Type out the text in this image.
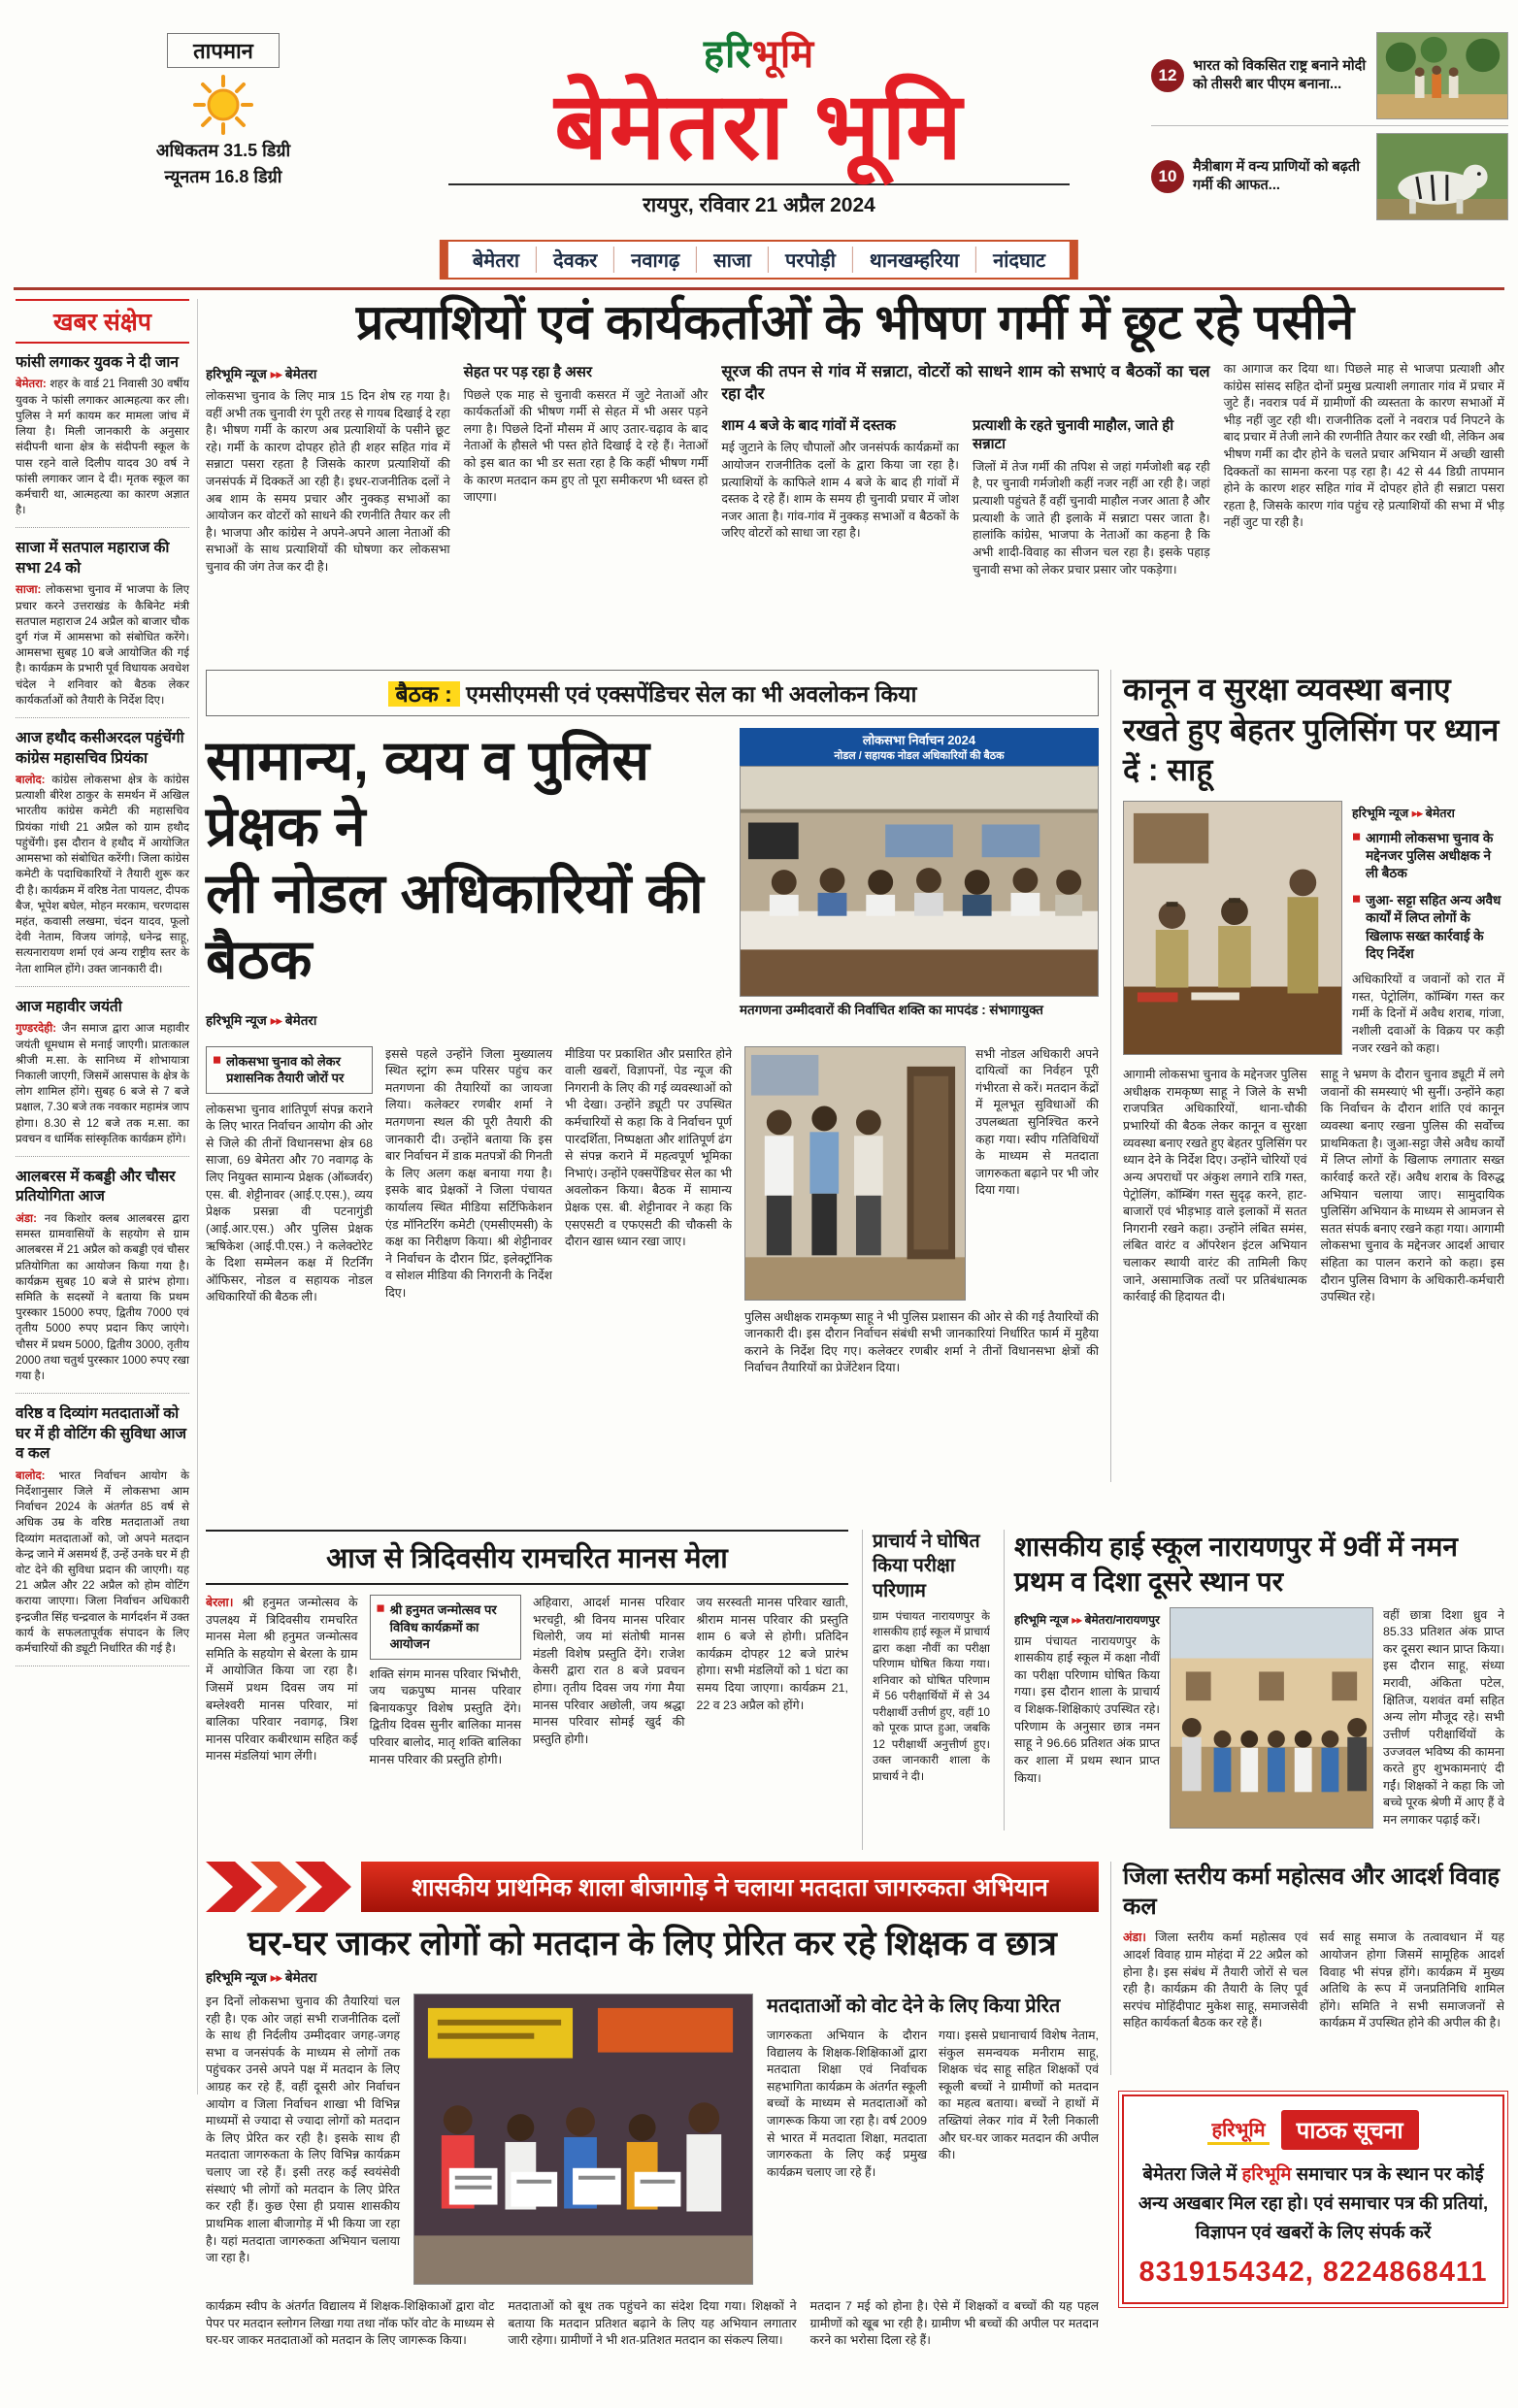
तापमान
अधिकतम 31.5 डिग्री
न्यूनतम 16.8 डिग्री
हरिभूमि
बेमेतरा भूमि
रायपुर, रविवार 21 अप्रैल 2024
12	भारत को विकसित राष्ट्र बनाने मोदी को तीसरी बार पीएम बनाना...
10	मैत्रीबाग में वन्य प्राणियों को बढ़ती गर्मी की आफत...
बेमेतरा	देवकर	नवागढ़	साजा	परपोड़ी	थानखम्हरिया	नांदघाट
खबर संक्षेप
फांसी लगाकर युवक ने दी जान

बेमेतरा: शहर के वार्ड 21 निवासी 30 वर्षीय युवक ने फांसी लगाकर आत्महत्या कर ली। पुलिस ने मर्ग कायम कर मामला जांच में लिया है। मिली जानकारी के अनुसार संदीपनी थाना क्षेत्र के संदीपनी स्कूल के पास रहने वाले दिलीप यादव 30 वर्ष ने फांसी लगाकर जान दे दी। मृतक स्कूल का कर्मचारी था, आत्महत्या का कारण अज्ञात है।

साजा में सतपाल महाराज की सभा 24 को

साजा: लोकसभा चुनाव में भाजपा के लिए प्रचार करने उत्तराखंड के कैबिनेट मंत्री सतपाल महाराज 24 अप्रैल को बाजार चौक दुर्ग गंज में आमसभा को संबोधित करेंगे। आमसभा सुबह 10 बजे आयोजित की गई है। कार्यक्रम के प्रभारी पूर्व विधायक अवधेश चंदेल ने शनिवार को बैठक लेकर कार्यकर्ताओं को तैयारी के निर्देश दिए।

आज हथौद कसीअरदल पहुंचेंगी कांग्रेस महासचिव प्रियंका

बालोद: कांग्रेस लोकसभा क्षेत्र के कांग्रेस प्रत्याशी बीरेश ठाकुर के समर्थन में अखिल भारतीय कांग्रेस कमेटी की महासचिव प्रियंका गांधी 21 अप्रैल को ग्राम हथौद पहुंचेंगी। इस दौरान वे हथौद में आयोजित आमसभा को संबोधित करेंगी। जिला कांग्रेस कमेटी के पदाधिकारियों ने तैयारी शुरू कर दी है। कार्यक्रम में वरिष्ठ नेता पायलट, दीपक बैज, भूपेश बघेल, मोहन मरकाम, चरणदास महंत, कवासी लखमा, चंदन यादव, फूलो देवी नेताम, विजय जांगड़े, धनेन्द्र साहू, सत्यनारायण शर्मा एवं अन्य राष्ट्रीय स्तर के नेता शामिल होंगे। उक्त जानकारी दी।

आज महावीर जयंती

गुण्डरदेही: जैन समाज द्वारा आज महावीर जयंती धूमधाम से मनाई जाएगी। प्रातःकाल श्रीजी म.सा. के सानिध्य में शोभायात्रा निकाली जाएगी, जिसमें आसपास के क्षेत्र के लोग शामिल होंगे। सुबह 6 बजे से 7 बजे प्रक्षाल, 7.30 बजे तक नवकार महामंत्र जाप होगा। 8.30 से 12 बजे तक म.सा. का प्रवचन व धार्मिक सांस्कृतिक कार्यक्रम होंगे।

आलबरस में कबड्डी और चौसर प्रतियोगिता आज

अंडा: नव किशोर क्लब आलबरस द्वारा समस्त ग्रामवासियों के सहयोग से ग्राम आलबरस में 21 अप्रैल को कबड्डी एवं चौसर प्रतियोगिता का आयोजन किया गया है। कार्यक्रम सुबह 10 बजे से प्रारंभ होगा। समिति के सदस्यों ने बताया कि प्रथम पुरस्कार 15000 रुपए, द्वितीय 7000 एवं तृतीय 5000 रुपए प्रदान किए जाएंगे। चौसर में प्रथम 5000, द्वितीय 3000, तृतीय 2000 तथा चतुर्थ पुरस्कार 1000 रुपए रखा गया है।

वरिष्ठ व दिव्यांग मतदाताओं को घर में ही वोटिंग की सुविधा आज व कल

बालोद: भारत निर्वाचन आयोग के निर्देशानुसार जिले में लोकसभा आम निर्वाचन 2024 के अंतर्गत 85 वर्ष से अधिक उम्र के वरिष्ठ मतदाताओं तथा दिव्यांग मतदाताओं को, जो अपने मतदान केन्द्र जाने में असमर्थ हैं, उन्हें उनके घर में ही वोट देने की सुविधा प्रदान की जाएगी। यह 21 अप्रैल और 22 अप्रैल को होम वोटिंग कराया जाएगा। जिला निर्वाचन अधिकारी इन्द्रजीत सिंह चन्द्रवाल के मार्गदर्शन में उक्त कार्य के सफलतापूर्वक संपादन के लिए कर्मचारियों की ड्यूटी निर्धारित की गई है।

प्रत्याशियों एवं कार्यकर्ताओं के भीषण गर्मी में छूट रहे पसीने
हरिभूमि न्यूज ▸▸ बेमेतरा

लोकसभा चुनाव के लिए मात्र 15 दिन शेष रह गया है। वहीं अभी तक चुनावी रंग पूरी तरह से गायब दिखाई दे रहा है। भीषण गर्मी के कारण अब प्रत्याशियों के पसीने छूट रहे। गर्मी के कारण दोपहर होते ही शहर सहित गांव में सन्नाटा पसरा रहता है जिसके कारण प्रत्याशियों की जनसंपर्क में दिक्कतें आ रही है। इधर-राजनीतिक दलों ने अब शाम के समय प्रचार और नुक्कड़ सभाओं का आयोजन कर वोटरों को साधने की रणनीति तैयार कर ली है। भाजपा और कांग्रेस ने अपने-अपने आला नेताओं की सभाओं के साथ प्रत्याशियों की घोषणा कर लोकसभा चुनाव की जंग तेज कर दी है।

सेहत पर पड़ रहा है असर

पिछले एक माह से चुनावी कसरत में जुटे नेताओं और कार्यकर्ताओं की भीषण गर्मी से सेहत में भी असर पड़ने लगा है। पिछले दिनों मौसम में आए उतार-चढ़ाव के बाद नेताओं के हौसले भी पस्त होते दिखाई दे रहे हैं। नेताओं को इस बात का भी डर सता रहा है कि कहीं भीषण गर्मी के कारण मतदान कम हुए तो पूरा समीकरण भी ध्वस्त हो जाएगा।

सूरज की तपन से गांव में सन्नाटा, वोटरों को साधने शाम को सभाएं व बैठकों का चल रहा दौर
शाम 4 बजे के बाद गांवों में दस्तक

मई जुटाने के लिए चौपालों और जनसंपर्क कार्यक्रमों का आयोजन राजनीतिक दलों के द्वारा किया जा रहा है। प्रत्याशियों के काफिले शाम 4 बजे के बाद ही गांवों में दस्तक दे रहे हैं। शाम के समय ही चुनावी प्रचार में जोश नजर आता है। गांव-गांव में नुक्कड़ सभाओं व बैठकों के जरिए वोटरों को साधा जा रहा है।

प्रत्याशी के रहते चुनावी माहौल, जाते ही सन्नाटा

जिलों में तेज गर्मी की तपिश से जहां गर्मजोशी बढ़ रही है, पर चुनावी गर्मजोशी कहीं नजर नहीं आ रही है। जहां प्रत्याशी पहुंचते हैं वहीं चुनावी माहौल नजर आता है और प्रत्याशी के जाते ही इलाके में सन्नाटा पसर जाता है। हालांकि कांग्रेस, भाजपा के नेताओं का कहना है कि अभी शादी-विवाह का सीजन चल रहा है। इसके पहाड़ चुनावी सभा को लेकर प्रचार प्रसार जोर पकड़ेगा।

का आगाज कर दिया था। पिछले माह से भाजपा प्रत्याशी और कांग्रेस सांसद सहित दोनों प्रमुख प्रत्याशी लगातार गांव में प्रचार में जुटे हैं। नवरात्र पर्व में ग्रामीणों की व्यस्तता के कारण सभाओं में भीड़ नहीं जुट रही थी। राजनीतिक दलों ने नवरात्र पर्व निपटने के बाद प्रचार में तेजी लाने की रणनीति तैयार कर रखी थी, लेकिन अब भीषण गर्मी का दौर होने के चलते प्रचार अभियान में अच्छी खासी दिक्कतों का सामना करना पड़ रहा है। 42 से 44 डिग्री तापमान होने के कारण शहर सहित गांव में दोपहर होते ही सन्नाटा पसरा रहता है, जिसके कारण गांव पहुंच रहे प्रत्याशियों की सभा में भीड़ नहीं जुट पा रही है।

बैठक : एमसीएमसी एवं एक्सपेंडिचर सेल का भी अवलोकन किया
सामान्य, व्यय व पुलिस प्रेक्षक ने
ली नोडल अधिकारियों की बैठक
हरिभूमि न्यूज ▸▸ बेमेतरा
लोकसभा निर्वाचन 2024
नोडल / सहायक नोडल अधिकारियों की बैठक
मतगणना उम्मीदवारों की निर्वाचित शक्ति का मापदंड : संभागायुक्त
◼ लोकसभा चुनाव को लेकर प्रशासनिक तैयारी जोरों पर

लोकसभा चुनाव शांतिपूर्ण संपन्न कराने के लिए भारत निर्वाचन आयोग की ओर से जिले की तीनों विधानसभा क्षेत्र 68 साजा, 69 बेमेतरा और 70 नवागढ़ के लिए नियुक्त सामान्य प्रेक्षक (ऑब्जर्वर) एस. बी. शेट्टीनावर (आई.ए.एस.), व्यय प्रेक्षक प्रसन्ना वी पटनागुंडी (आई.आर.एस.) और पुलिस प्रेक्षक ऋषिकेश (आई.पी.एस.) ने कलेक्टोरेट के दिशा सम्मेलन कक्ष में रिटर्निंग ऑफिसर, नोडल व सहायक नोडल अधिकारियों की बैठक ली।

इससे पहले उन्होंने जिला मुख्यालय स्थित स्ट्रांग रूम परिसर पहुंच कर मतगणना की तैयारियों का जायजा लिया। कलेक्टर रणबीर शर्मा ने मतगणना स्थल की पूरी तैयारी की जानकारी दी। उन्होंने बताया कि इस बार निर्वाचन में डाक मतपत्रों की गिनती के लिए अलग कक्ष बनाया गया है। इसके बाद प्रेक्षकों ने जिला पंचायत कार्यालय स्थित मीडिया सर्टिफिकेशन एंड मॉनिटरिंग कमेटी (एमसीएमसी) के कक्ष का निरीक्षण किया। श्री शेट्टीनावर ने निर्वाचन के दौरान प्रिंट, इलेक्ट्रॉनिक व सोशल मीडिया की निगरानी के निर्देश दिए।

मीडिया पर प्रकाशित और प्रसारित होने वाली खबरों, विज्ञापनों, पेड न्यूज की निगरानी के लिए की गई व्यवस्थाओं को भी देखा। उन्होंने ड्यूटी पर उपस्थित कर्मचारियों से कहा कि वे निर्वाचन पूर्ण पारदर्शिता, निष्पक्षता और शांतिपूर्ण ढंग से संपन्न कराने में महत्वपूर्ण भूमिका निभाएं। उन्होंने एक्सपेंडिचर सेल का भी अवलोकन किया। बैठक में सामान्य प्रेक्षक एस. बी. शेट्टीनावर ने कहा कि एसएसटी व एफएसटी की चौकसी के दौरान खास ध्यान रखा जाए।

सभी नोडल अधिकारी अपने दायित्वों का निर्वहन पूरी गंभीरता से करें। मतदान केंद्रों में मूलभूत सुविधाओं की उपलब्धता सुनिश्चित करने कहा गया। स्वीप गतिविधियों के माध्यम से मतदाता जागरुकता बढ़ाने पर भी जोर दिया गया।

पुलिस अधीक्षक रामकृष्ण साहू ने भी पुलिस प्रशासन की ओर से की गई तैयारियों की जानकारी दी। इस दौरान निर्वाचन संबंधी सभी जानकारियां निर्धारित फार्म में मुहैया कराने के निर्देश दिए गए। कलेक्टर रणबीर शर्मा ने तीनों विधानसभा क्षेत्रों की निर्वाचन तैयारियों का प्रेजेंटेशन दिया।

कानून व सुरक्षा व्यवस्था बनाए रखते हुए बेहतर पुलिसिंग पर ध्यान दें : साहू
हरिभूमि न्यूज ▸▸ बेमेतरा
◼ आगामी लोकसभा चुनाव के मद्देनजर पुलिस अधीक्षक ने ली बैठक
◼ जुआ- सट्टा सहित अन्य अवैध कार्यों में लिप्त लोगों के खिलाफ सख्त कार्रवाई के दिए निर्देश

अधिकारियों व जवानों को रात में गस्त, पेट्रोलिंग, कॉम्बिंग गस्त कर गर्मी के दिनों में अवैध शराब, गांजा, नशीली दवाओं के विक्रय पर कड़ी नजर रखने को कहा।

आगामी लोकसभा चुनाव के मद्देनजर पुलिस अधीक्षक रामकृष्ण साहू ने जिले के सभी राजपत्रित अधिकारियों, थाना-चौकी प्रभारियों की बैठक लेकर कानून व सुरक्षा व्यवस्था बनाए रखते हुए बेहतर पुलिसिंग पर ध्यान देने के निर्देश दिए। उन्होंने चोरियों एवं अन्य अपराधों पर अंकुश लगाने रात्रि गस्त, पेट्रोलिंग, कॉम्बिंग गस्त सुदृढ़ करने, हाट-बाजारों एवं भीड़भाड़ वाले इलाकों में सतत निगरानी रखने कहा। उन्होंने लंबित समंस, लंबित वारंट व ऑपरेशन इंटल अभियान चलाकर स्थायी वारंट की तामिली किए जाने, असामाजिक तत्वों पर प्रतिबंधात्मक कार्रवाई की हिदायत दी।

साहू ने भ्रमण के दौरान चुनाव ड्यूटी में लगे जवानों की समस्याएं भी सुनीं। उन्होंने कहा कि निर्वाचन के दौरान शांति एवं कानून व्यवस्था बनाए रखना पुलिस की सर्वोच्च प्राथमिकता है। जुआ-सट्टा जैसे अवैध कार्यों में लिप्त लोगों के खिलाफ लगातार सख्त कार्रवाई करते रहें। अवैध शराब के विरुद्ध अभियान चलाया जाए। सामुदायिक पुलिसिंग अभियान के माध्यम से आमजन से सतत संपर्क बनाए रखने कहा गया। आगामी लोकसभा चुनाव के मद्देनजर आदर्श आचार संहिता का पालन कराने को कहा। इस दौरान पुलिस विभाग के अधिकारी-कर्मचारी उपस्थित रहे।

आज से त्रिदिवसीय रामचरित मानस मेला

बेरला। श्री हनुमत जन्मोत्सव के उपलक्ष्य में त्रिदिवसीय रामचरित मानस मेला श्री हनुमत जन्मोत्सव समिति के सहयोग से बेरला के ग्राम में आयोजित किया जा रहा है। जिसमें प्रथम दिवस जय मां बम्लेश्वरी मानस परिवार, मां बालिका परिवार नवागढ़, त्रिश मानस परिवार कबीरधाम सहित कई मानस मंडलियां भाग लेंगी।

◼ श्री हनुमत जन्मोत्सव पर विविध कार्यक्रमों का आयोजन

शक्ति संगम मानस परिवार भिंभौरी, जय चक्रपुष्प मानस परिवार बिनायकपुर विशेष प्रस्तुति देंगे। द्वितीय दिवस सुनीर बालिका मानस परिवार बालोद, मातृ शक्ति बालिका मानस परिवार की प्रस्तुति होगी।

अहिवारा, आदर्श मानस परिवार भरचट्टी, श्री विनय मानस परिवार थिलोरी, जय मां संतोषी मानस मंडली विशेष प्रस्तुति देंगे। राजेश केसरी द्वारा रात 8 बजे प्रवचन होगा। तृतीय दिवस जय गंगा मैया मानस परिवार अछोली, जय श्रद्धा मानस परिवार सोमई खुर्द की प्रस्तुति होगी।

जय सरस्वती मानस परिवार खाती, श्रीराम मानस परिवार की प्रस्तुति शाम 6 बजे से होगी। प्रतिदिन कार्यक्रम दोपहर 12 बजे प्रारंभ होगा। सभी मंडलियों को 1 घंटा का समय दिया जाएगा। कार्यक्रम 21, 22 व 23 अप्रैल को होंगे।

प्राचार्य ने घोषित किया परीक्षा परिणाम

ग्राम पंचायत नारायणपुर के शासकीय हाई स्कूल में प्राचार्य द्वारा कक्षा नौवीं का परीक्षा परिणाम घोषित किया गया। शनिवार को घोषित परिणाम में 56 परीक्षार्थियों में से 34 परीक्षार्थी उत्तीर्ण हुए, वहीं 10 को पूरक प्राप्त हुआ, जबकि 12 परीक्षार्थी अनुत्तीर्ण हुए। उक्त जानकारी शाला के प्राचार्य ने दी।

शासकीय हाई स्कूल नारायणपुर में 9वीं में नमन प्रथम व दिशा दूसरे स्थान पर
हरिभूमि न्यूज ▸▸ बेमेतरा/नारायणपुर

ग्राम पंचायत नारायणपुर के शासकीय हाई स्कूल में कक्षा नौवीं का परीक्षा परिणाम घोषित किया गया। इस दौरान शाला के प्राचार्य व शिक्षक-शिक्षिकाएं उपस्थित रहे। परिणाम के अनुसार छात्र नमन साहू ने 96.66 प्रतिशत अंक प्राप्त कर शाला में प्रथम स्थान प्राप्त किया।

वहीं छात्रा दिशा ध्रुव ने 85.33 प्रतिशत अंक प्राप्त कर दूसरा स्थान प्राप्त किया। इस दौरान साहू, संध्या मरावी, अंकिता पटेल, क्षितिज, यशवंत वर्मा सहित अन्य लोग मौजूद रहे। सभी उत्तीर्ण परीक्षार्थियों के उज्जवल भविष्य की कामना करते हुए शुभकामनाएं दी गईं। शिक्षकों ने कहा कि जो बच्चे पूरक श्रेणी में आए हैं वे मन लगाकर पढ़ाई करें।

शासकीय प्राथमिक शाला बीजागोड़ ने चलाया मतदाता जागरुकता अभियान
घर-घर जाकर लोगों को मतदान के लिए प्रेरित कर रहे शिक्षक व छात्र
हरिभूमि न्यूज ▸▸ बेमेतरा

इन दिनों लोकसभा चुनाव की तैयारियां चल रही है। एक ओर जहां सभी राजनीतिक दलों के साथ ही निर्दलीय उम्मीदवार जगह-जगह सभा व जनसंपर्क के माध्यम से लोगों तक पहुंचकर उनसे अपने पक्ष में मतदान के लिए आग्रह कर रहे हैं, वहीं दूसरी ओर निर्वाचन आयोग व जिला निर्वाचन शाखा भी विभिन्न माध्यमों से ज्यादा से ज्यादा लोगों को मतदान के लिए प्रेरित कर रही है। इसके साथ ही मतदाता जागरुकता के लिए विभिन्न कार्यक्रम चलाए जा रहे हैं। इसी तरह कई स्वयंसेवी संस्थाएं भी लोगों को मतदान के लिए प्रेरित कर रही हैं। कुछ ऐसा ही प्रयास शासकीय प्राथमिक शाला बीजागोड़ में भी किया जा रहा है। यहां मतदाता जागरुकता अभियान चलाया जा रहा है।

मतदाताओं को वोट देने के लिए किया प्रेरित

जागरुकता अभियान के दौरान विद्यालय के शिक्षक-शिक्षिकाओं द्वारा मतदाता शिक्षा एवं निर्वाचक सहभागिता कार्यक्रम के अंतर्गत स्कूली बच्चों के माध्यम से मतदाताओं को जागरूक किया जा रहा है। वर्ष 2009 से भारत में मतदाता शिक्षा, मतदाता जागरुकता के लिए कई प्रमुख कार्यक्रम चलाए जा रहे हैं।

गया। इससे प्रधानाचार्य विशेष नेताम, संकुल समन्वयक मनीराम साहू, शिक्षक चंद साहू सहित शिक्षकों एवं स्कूली बच्चों ने ग्रामीणों को मतदान का महत्व बताया। बच्चों ने हाथों में तख्तियां लेकर गांव में रैली निकाली और घर-घर जाकर मतदान की अपील की।

कार्यक्रम स्वीप के अंतर्गत विद्यालय में शिक्षक-शिक्षिकाओं द्वारा वोट पेपर पर मतदान स्लोगन लिखा गया तथा नॉक फॉर वोट के माध्यम से घर-घर जाकर मतदाताओं को मतदान के लिए जागरूक किया।

मतदाताओं को बूथ तक पहुंचने का संदेश दिया गया। शिक्षकों ने बताया कि मतदान प्रतिशत बढ़ाने के लिए यह अभियान लगातार जारी रहेगा। ग्रामीणों ने भी शत-प्रतिशत मतदान का संकल्प लिया।

मतदान 7 मई को होना है। ऐसे में शिक्षकों व बच्चों की यह पहल ग्रामीणों को खूब भा रही है। ग्रामीण भी बच्चों की अपील पर मतदान करने का भरोसा दिला रहे हैं।

जिला स्तरीय कर्मा महोत्सव और आदर्श विवाह कल

अंडा। जिला स्तरीय कर्मा महोत्सव एवं आदर्श विवाह ग्राम मोहंदा में 22 अप्रैल को होना है। इस संबंध में तैयारी जोरों से चल रही है। कार्यक्रम की तैयारी के लिए पूर्व सरपंच मोहिंदीपाट मुकेश साहू, समाजसेवी सहित कार्यकर्ता बैठक कर रहे हैं।

सर्व साहू समाज के तत्वावधान में यह आयोजन होगा जिसमें सामूहिक आदर्श विवाह भी संपन्न होंगे। कार्यक्रम में मुख्य अतिथि के रूप में जनप्रतिनिधि शामिल होंगे। समिति ने सभी समाजजनों से कार्यक्रम में उपस्थित होने की अपील की है।

हरिभूमि	पाठक सूचना
बेमेतरा जिले में हरिभूमि समाचार पत्र के स्थान पर कोई अन्य अखबार मिल रहा हो। एवं समाचार पत्र की प्रतियां, विज्ञापन एवं खबरों के लिए संपर्क करें
8319154342, 8224868411
